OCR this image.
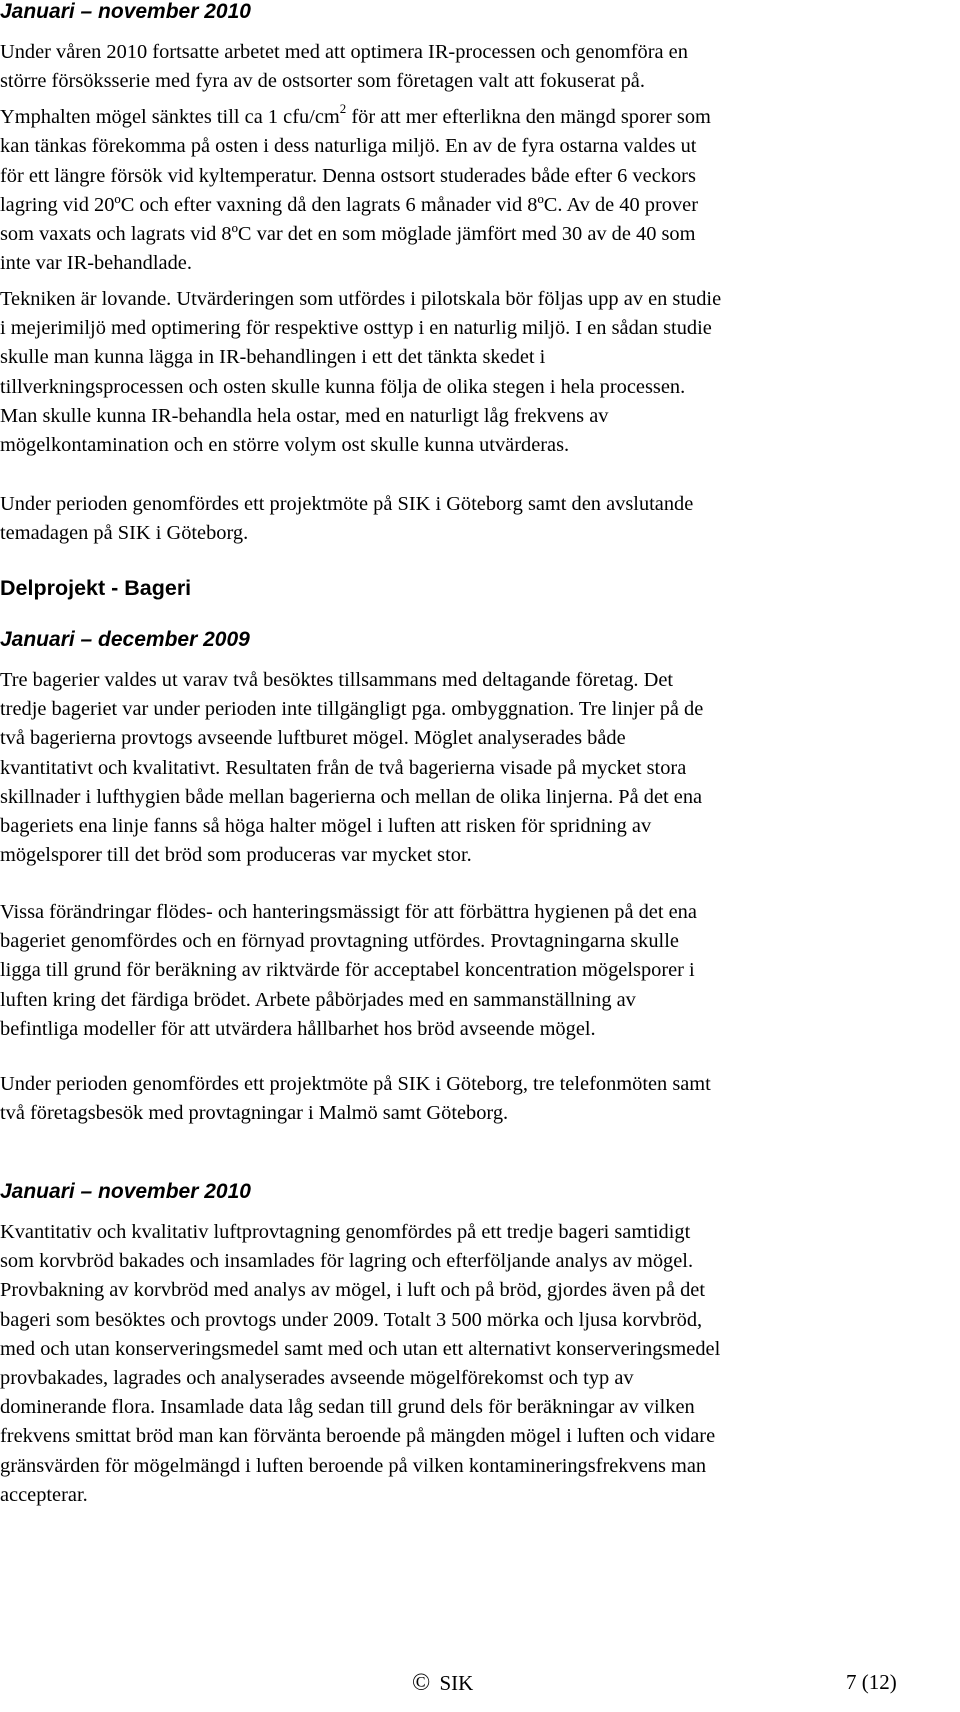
Januari – november 2010
Under våren 2010 fortsatte arbetet med att optimera IR-processen och genomföra en
större försöksserie med fyra av de ostsorter som företagen valt att fokuserat på.
Ymphalten mögel sänktes till ca 1 cfu/$cm^2$ för att mer efterlikna den mängd sporer som
kan tänkas förekomma på osten i dess naturliga miljö. En av de fyra ostarna valdes ut
för ett längre försök vid kyltemperatur. Denna ostsort studerades både efter 6 veckors
lagring vid 20ºC och efter vaxning då den lagrats 6 månader vid 8ºC. Av de 40 prover
som vaxats och lagrats vid 8ºC var det en som möglade jämfört med 30 av de 40 som
inte var IR-behandlade.
Tekniken är lovande. Utvärderingen som utfördes i pilotskala bör följas upp av en studie
i mejerimiljö med optimering för respektive osttyp i en naturlig miljö. I en sådan studie
skulle man kunna lägga in IR-behandlingen i ett det tänkta skedet i
tillverkningsprocessen och osten skulle kunna följa de olika stegen i hela processen.
Man skulle kunna IR-behandla hela ostar, med en naturligt låg frekvens av
mögelkontamination och en större volym ost skulle kunna utvärderas.
Under perioden genomfördes ett projektmöte på SIK i Göteborg samt den avslutande
temadagen på SIK i Göteborg.
Delprojekt - Bageri
Januari – december 2009
Tre bagerier valdes ut varav två besöktes tillsammans med deltagande företag. Det
tredje bageriet var under perioden inte tillgängligt pga. ombyggnation. Tre linjer på de
två bagerierna provtogs avseende luftburet mögel. Möglet analyserades både
kvantitativt och kvalitativt. Resultaten från de två bagerierna visade på mycket stora
skillnader i lufthygien både mellan bagerierna och mellan de olika linjerna. På det ena
bageriets ena linje fanns så höga halter mögel i luften att risken för spridning av
mögelsporer till det bröd som produceras var mycket stor.
Vissa förändringar flödes- och hanteringsmässigt för att förbättra hygienen på det ena
bageriet genomfördes och en förnyad provtagning utfördes. Provtagningarna skulle
ligga till grund för beräkning av riktvärde för acceptabel koncentration mögelsporer i
luften kring det färdiga brödet. Arbete påbörjades med en sammanställning av
befintliga modeller för att utvärdera hållbarhet hos bröd avseende mögel.
Under perioden genomfördes ett projektmöte på SIK i Göteborg, tre telefonmöten samt
två företagsbesök med provtagningar i Malmö samt Göteborg.
Januari – november 2010
Kvantitativ och kvalitativ luftprovtagning genomfördes på ett tredje bageri samtidigt
som korvbröd bakades och insamlades för lagring och efterföljande analys av mögel.
Provbakning av korvbröd med analys av mögel, i luft och på bröd, gjordes även på det
bageri som besöktes och provtogs under 2009. Totalt 3 500 mörka och ljusa korvbröd,
med och utan konserveringsmedel samt med och utan ett alternativt konserveringsmedel
provbakades, lagrades och analyserades avseende mögelförekomst och typ av
dominerande flora. Insamlade data låg sedan till grund dels för beräkningar av vilken
frekvens smittat bröd man kan förvänta beroende på mängden mögel i luften och vidare
gränsvärden för mögelmängd i luften beroende på vilken kontamineringsfrekvens man
accepterar.
© SIK	7 (12)
